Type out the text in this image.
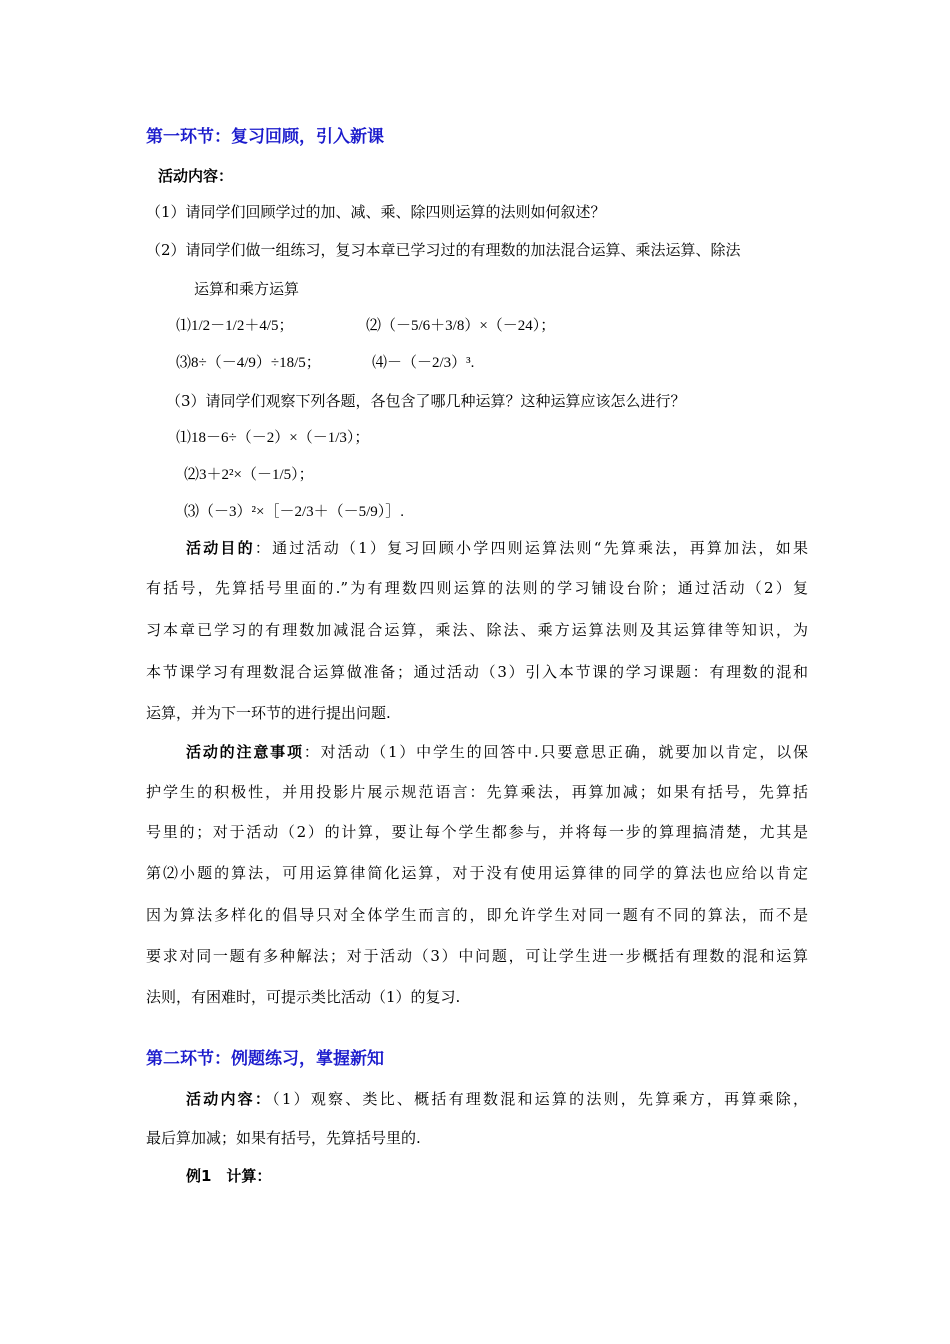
第一环节：复习回顾，引入新课
活动内容：
（1）请同学们回顾学过的加、减、乘、除四则运算的法则如何叙述？
（2）请同学们做一组练习，复习本章已学习过的有理数的加法混合运算、乘法运算、除法
运算和乘方运算
⑴1/2－1/2＋4/5；	⑵（－5/6＋3/8）×（－24）；
⑶8÷（－4/9）÷18/5；	⑷－（－2/3）³.
（3）请同学们观察下列各题，各包含了哪几种运算？这种运算应该怎么进行？
⑴18－6÷（－2）×（－1/3）；
⑵3＋2²×（－1/5）；
⑶（－3）²×［－2/3＋（－5/9）］.
活动目的：通过活动（1）复习回顾小学四则运算法则“先算乘法，再算加法，如果
有括号，先算括号里面的.”为有理数四则运算的法则的学习铺设台阶；通过活动（2）复
习本章已学习的有理数加减混合运算，乘法、除法、乘方运算法则及其运算律等知识，为
本节课学习有理数混合运算做准备；通过活动（3）引入本节课的学习课题：有理数的混和
运算，并为下一环节的进行提出问题.
活动的注意事项：对活动（1）中学生的回答中.只要意思正确，就要加以肯定，以保
护学生的积极性，并用投影片展示规范语言：先算乘法，再算加减；如果有括号，先算括
号里的；对于活动（2）的计算，要让每个学生都参与，并将每一步的算理搞清楚，尤其是
第⑵小题的算法，可用运算律简化运算，对于没有使用运算律的同学的算法也应给以肯定
因为算法多样化的倡导只对全体学生而言的，即允许学生对同一题有不同的算法，而不是
要求对同一题有多种解法；对于活动（3）中问题，可让学生进一步概括有理数的混和运算
法则，有困难时，可提示类比活动（1）的复习.
第二环节：例题练习，掌握新知
活动内容：（1）观察、类比、概括有理数混和运算的法则，先算乘方，再算乘除，
最后算加减；如果有括号，先算括号里的.
例1　计算：
